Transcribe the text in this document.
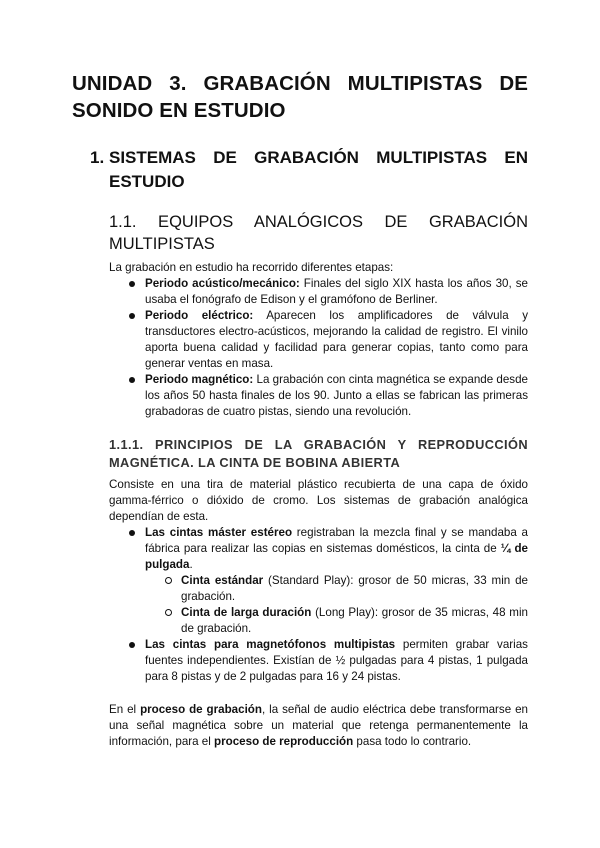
UNIDAD 3. GRABACIÓN MULTIPISTAS DE SONIDO EN ESTUDIO
1. SISTEMAS DE GRABACIÓN MULTIPISTAS EN ESTUDIO
1.1. EQUIPOS ANALÓGICOS DE GRABACIÓN MULTIPISTAS

La grabación en estudio ha recorrido diferentes etapas:

Periodo acústico/mecánico: Finales del siglo XIX hasta los años 30, se usaba el fonógrafo de Edison y el gramófono de Berliner.
Periodo eléctrico: Aparecen los amplificadores de válvula y transductores electro-acústicos, mejorando la calidad de registro. El vinilo aporta buena calidad y facilidad para generar copias, tanto como para generar ventas en masa.
Periodo magnético: La grabación con cinta magnética se expande desde los años 50 hasta finales de los 90. Junto a ellas se fabrican las primeras grabadoras de cuatro pistas, siendo una revolución.
1.1.1. PRINCIPIOS DE LA GRABACIÓN Y REPRODUCCIÓN MAGNÉTICA. LA CINTA DE BOBINA ABIERTA

Consiste en una tira de material plástico recubierta de una capa de óxido gamma-férrico o dióxido de cromo. Los sistemas de grabación analógica dependían de esta.

Las cintas máster estéreo registraban la mezcla final y se mandaba a fábrica para realizar las copias en sistemas domésticos, la cinta de ¼ de pulgada.
Cinta estándar (Standard Play): grosor de 50 micras, 33 min de grabación.
Cinta de larga duración (Long Play): grosor de 35 micras, 48 min de grabación.
Las cintas para magnetófonos multipistas permiten grabar varias fuentes independientes. Existían de ½ pulgadas para 4 pistas, 1 pulgada para 8 pistas y de 2 pulgadas para 16 y 24 pistas.

En el proceso de grabación, la señal de audio eléctrica debe transformarse en una señal magnética sobre un material que retenga permanentemente la información, para el proceso de reproducción pasa todo lo contrario.
